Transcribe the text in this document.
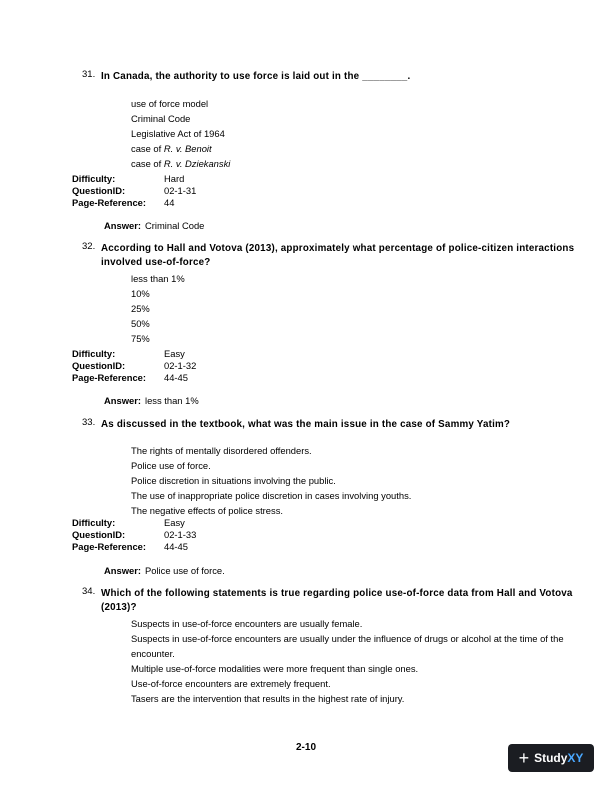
31. In Canada, the authority to use force is laid out in the ________.
use of force model
Criminal Code
Legislative Act of 1964
case of R. v. Benoit
case of R. v. Dziekanski
Difficulty:	Hard
QuestionID:	02-1-31
Page-Reference:	44
Answer: Criminal Code
32. According to Hall and Votova (2013), approximately what percentage of police-citizen interactions involved use-of-force?
less than 1%
10%
25%
50%
75%
Difficulty:	Easy
QuestionID:	02-1-32
Page-Reference:	44-45
Answer: less than 1%
33. As discussed in the textbook, what was the main issue in the case of Sammy Yatim?
The rights of mentally disordered offenders.
Police use of force.
Police discretion in situations involving the public.
The use of inappropriate police discretion in cases involving youths.
The negative effects of police stress.
Difficulty:	Easy
QuestionID:	02-1-33
Page-Reference:	44-45
Answer: Police use of force.
34. Which of the following statements is true regarding police use-of-force data from Hall and Votova (2013)?
Suspects in use-of-force encounters are usually female.
Suspects in use-of-force encounters are usually under the influence of drugs or alcohol at the time of the encounter.
Multiple use-of-force modalities were more frequent than single ones.
Use-of-force encounters are extremely frequent.
Tasers are the intervention that results in the highest rate of injury.
2-10
+ Study XY
